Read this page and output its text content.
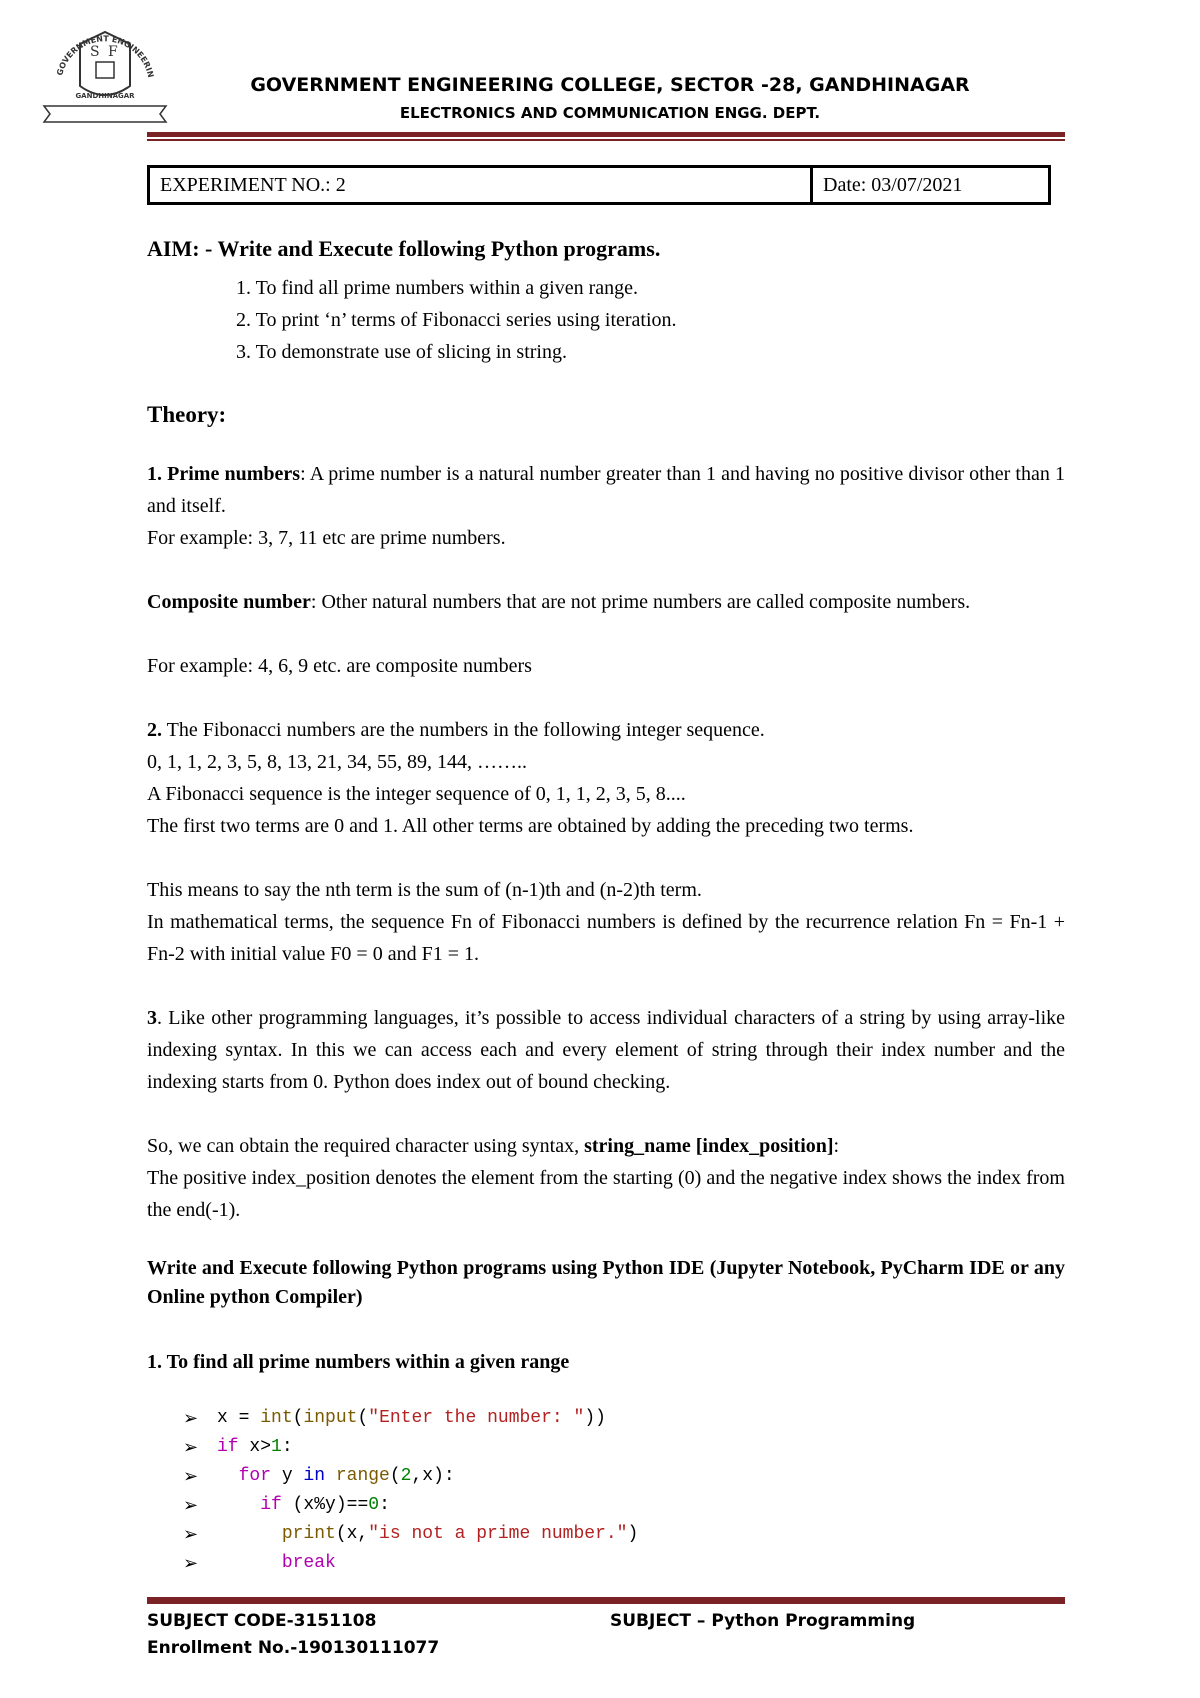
S F
GOVERNMENT ENGINEERIN
GANDHINAGAR	GOVERNMENT ENGINEERING COLLEGE, SECTOR -28, GANDHINAGAR
ELECTRONICS AND COMMUNICATION ENGG. DEPT.
EXPERIMENT NO.: 2	Date: 03/07/2021
AIM: - Write and Execute following Python programs.
1. To find all prime numbers within a given range.
2. To print ‘n’ terms of Fibonacci series using iteration.
3. To demonstrate use of slicing in string.
Theory:
1. Prime numbers: A prime number is a natural number greater than 1 and having no positive divisor other than 1 and itself.
For example: 3, 7, 11 etc are prime numbers.
Composite number: Other natural numbers that are not prime numbers are called composite numbers.
For example: 4, 6, 9 etc. are composite numbers
2. The Fibonacci numbers are the numbers in the following integer sequence.
0, 1, 1, 2, 3, 5, 8, 13, 21, 34, 55, 89, 144, ……..
A Fibonacci sequence is the integer sequence of 0, 1, 1, 2, 3, 5, 8....
The first two terms are 0 and 1. All other terms are obtained by adding the preceding two terms.
This means to say the nth term is the sum of (n-1)th and (n-2)th term.
In mathematical terms, the sequence Fn of Fibonacci numbers is defined by the recurrence relation Fn = Fn-1 + Fn-2 with initial value F0 = 0 and F1 = 1.
3. Like other programming languages, it’s possible to access individual characters of a string by using array-like indexing syntax. In this we can access each and every element of string through their index number and the indexing starts from 0. Python does index out of bound checking.
So, we can obtain the required character using syntax, string_name [index_position]:
The positive index_position denotes the element from the starting (0) and the negative index shows the index from the end(-1).
Write and Execute following Python programs using Python IDE (Jupyter Notebook, PyCharm IDE or any Online python Compiler)
1. To find all prime numbers within a given range
➢	x = int ( input ( "Enter the number: " ))
➢	if x> 1 :
➢
	for y in
range ( 2 ,x):
➢
	if (x%y)== 0 :
➢
	print (x, "is not a prime number." )
➢
	break
SUBJECT CODE-3151108	SUBJECT – Python Programming
Enrollment No.-190130111077
